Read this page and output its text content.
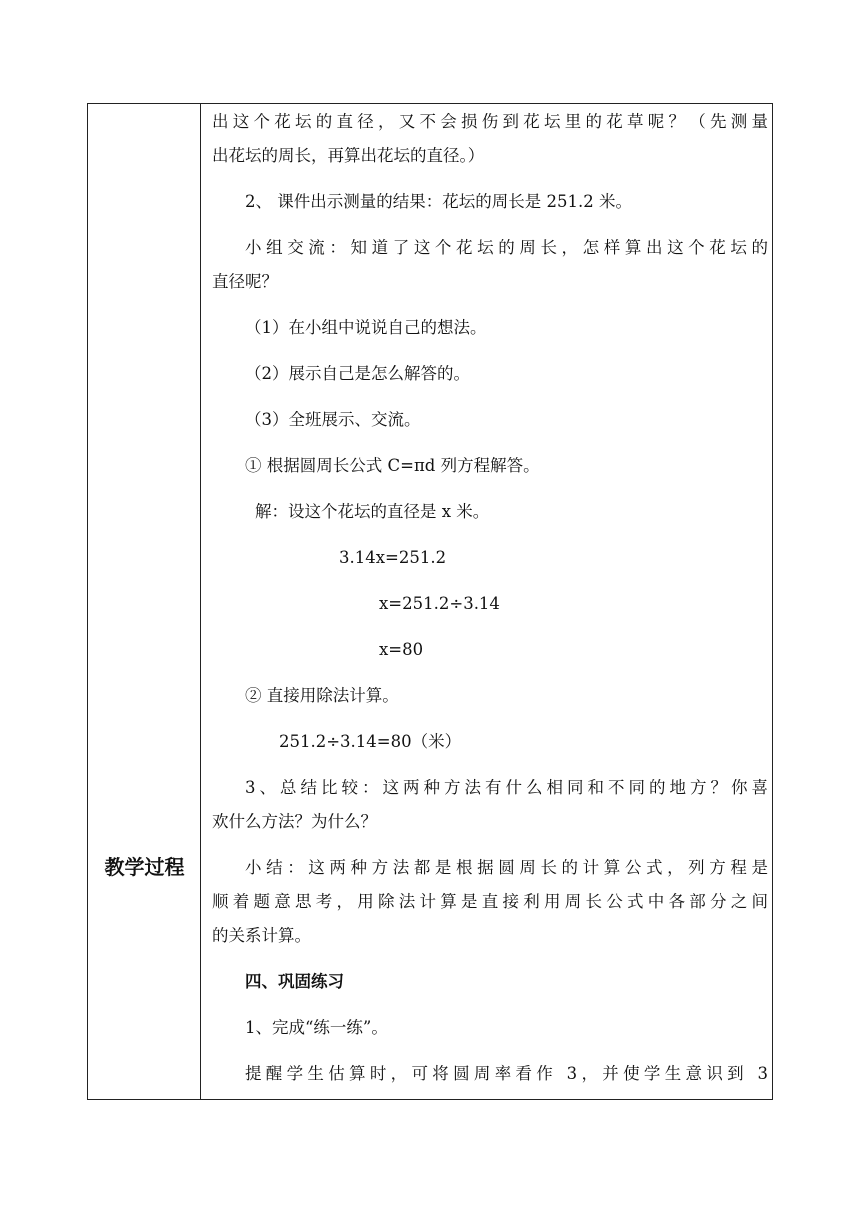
教学过程
出这个花坛的直径，又不会损伤到花坛里的花草呢？（先测量
出花坛的周长，再算出花坛的直径。）
2、 课件出示测量的结果：花坛的周长是 251.2 米。
小组交流：知道了这个花坛的周长，怎样算出这个花坛的
直径呢？
（1）在小组中说说自己的想法。
（2）展示自己是怎么解答的。
（3）全班展示、交流。
① 根据圆周长公式 C=πd 列方程解答。
解：设这个花坛的直径是 x 米。
3.14x=251.2
x=251.2÷3.14
x=80
② 直接用除法计算。
251.2÷3.14=80（米）
3、总结比较：这两种方法有什么相同和不同的地方？你喜
欢什么方法？为什么？
小结：这两种方法都是根据圆周长的计算公式，列方程是
顺着题意思考，用除法计算是直接利用周长公式中各部分之间
的关系计算。
四、巩固练习
1、完成“练一练”。
提醒学生估算时，可将圆周率看作 3，并使学生意识到 3
